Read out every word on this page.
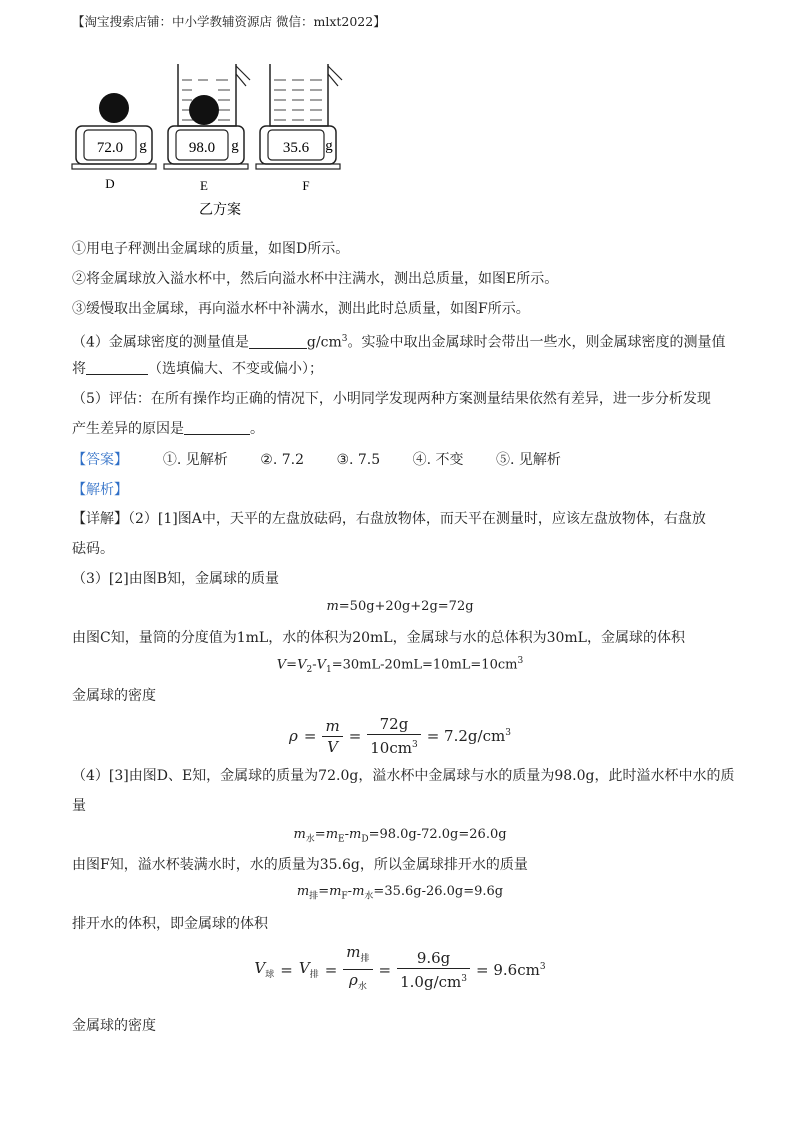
【淘宝搜索店铺：中小学教辅资源店 微信：mlxt2022】
72.0 g
D
98.0 g
E
35.6 g
F
乙方案
①用电子秤测出金属球的质量，如图D所示。
②将金属球放入溢水杯中，然后向溢水杯中注满水，测出总质量，如图E所示。
③缓慢取出金属球，再向溢水杯中补满水，测出此时总质量，如图F所示。
（4）金属球密度的测量值是	$g/cm^3$。实验中取出金属球时会带出一些水，则金属球密度的测量值
将	（选填偏大、不变或偏小）；
（5）评估：在所有操作均正确的情况下，小明同学发现两种方案测量结果依然有差异，进一步分析发现
产生差异的原因是	。
【答案】 ①. 见解析 ②. 7.2 ③. 7.5 ④. 不变 ⑤. 见解析
【解析】
【详解】（2）[1]图A中，天平的左盘放砝码，右盘放物体，而天平在测量时，应该左盘放物体，右盘放
砝码。
（3）[2]由图B知，金属球的质量
m=50g+20g+2g=72g
由图C知，量筒的分度值为1mL，水的体积为20mL，金属球与水的总体积为30mL，金属球的体积
$V=V_2-V_1=30mL-20mL=10mL=10cm^3$
金属球的密度
$\rho = \frac{m}{V} = \frac{72g}{10cm^3} = 7.2g/cm^3$
（4）[3]由图D、E知，金属球的质量为72.0g，溢水杯中金属球与水的质量为98.0g，此时溢水杯中水的质
量
$m_水=m_E-m_D=98.0g-72.0g=26.0g$
由图F知，溢水杯装满水时，水的质量为35.6g，所以金属球排开水的质量
$m_排=m_F-m_水=35.6g-26.0g=9.6g$
排开水的体积，即金属球的体积
$V_球 = V_排 = \frac{m_排}{\rho_水} = \frac{9.6g}{1.0g/cm^3} = 9.6cm^3$
金属球的密度
